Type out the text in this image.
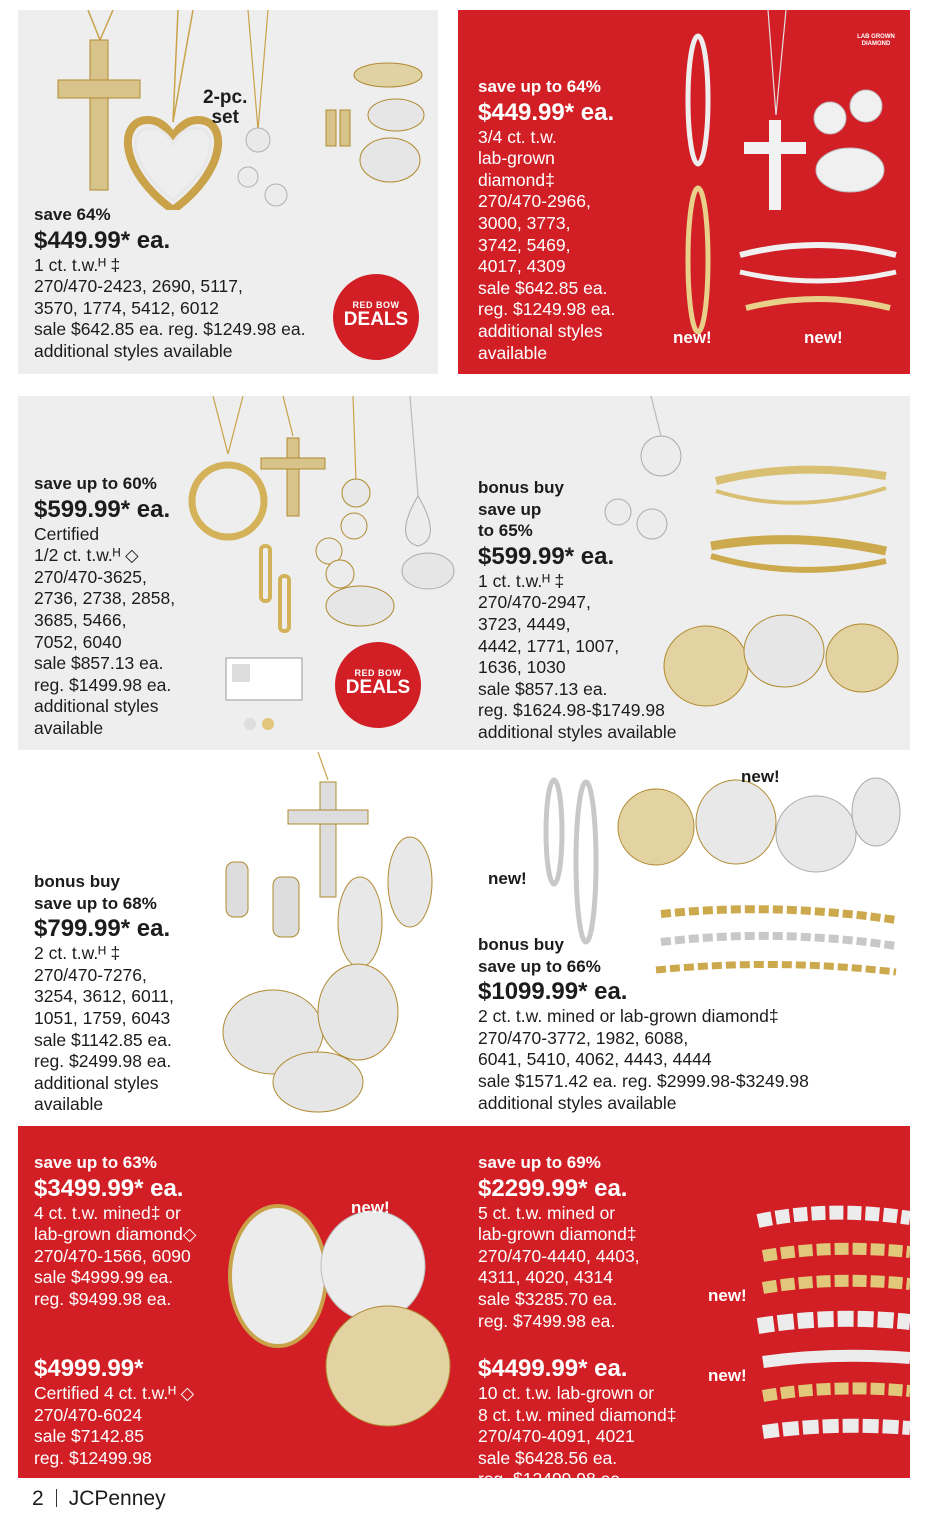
2-pc.
set
save 64%
$449.99* ea.
1 ct. t.w.ᴴ ‡
270/470-2423, 2690, 5117,
3570, 1774, 5412, 6012
sale $642.85 ea. reg. $1249.98 ea.
additional styles available
RED BOW
DEALS
LAB GROWN DIAMOND
save up to 64%
$449.99* ea.
3/4 ct. t.w.
lab-grown
diamond‡
270/470-2966,
3000, 3773,
3742, 5469,
4017, 4309
sale $642.85 ea.
reg. $1249.98 ea.
additional styles
available
new!	new!
save up to 60%
$599.99* ea.
Certified
1/2 ct. t.w.ᴴ ◇
270/470-3625,
2736, 2738, 2858,
3685, 5466,
7052, 6040
sale $857.13 ea.
reg. $1499.98 ea.
additional styles
available
RED BOW
DEALS
bonus buy
save up
to 65%
$599.99* ea.
1 ct. t.w.ᴴ ‡
270/470-2947,
3723, 4449,
4442, 1771, 1007,
1636, 1030
sale $857.13 ea.
reg. $1624.98-$1749.98
additional styles available
bonus buy
save up to 68%
$799.99* ea.
2 ct. t.w.ᴴ ‡
270/470-7276,
3254, 3612, 6011,
1051, 1759, 6043
sale $1142.85 ea.
reg. $2499.98 ea.
additional styles
available
new!
new!
bonus buy
save up to 66%
$1099.99* ea.
2 ct. t.w. mined or lab-grown diamond‡
270/470-3772, 1982, 6088,
6041, 5410, 4062, 4443, 4444
sale $1571.42 ea. reg. $2999.98-$3249.98
additional styles available
save up to 63%
$3499.99* ea.
4 ct. t.w. mined‡ or
lab-grown diamond◇
270/470-1566, 6090
sale $4999.99 ea.
reg. $9499.98 ea.
$4999.99*
Certified 4 ct. t.w.ᴴ ◇
270/470-6024
sale $7142.85
reg. $12499.98
new!
save up to 69%
$2299.99* ea.
5 ct. t.w. mined or
lab-grown diamond‡
270/470-4440, 4403,
4311, 4020, 4314
sale $3285.70 ea.
reg. $7499.98 ea.
$4499.99* ea.
10 ct. t.w. lab-grown or
8 ct. t.w. mined diamond‡
270/470-4091, 4021
sale $6428.56 ea.
reg. $12499.98 ea.
new!
new!
2 JCPenney
